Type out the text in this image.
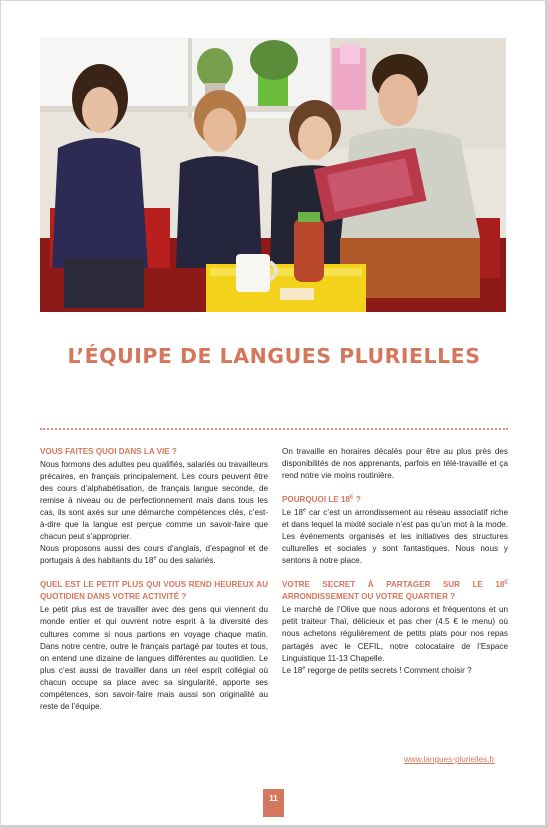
L’ÉQUIPE DE LANGUES PLURIELLES
VOUS FAITES QUOI DANS LA VIE ?
Nous formons des adultes peu qualifiés, salariés ou travailleurs précaires, en français principalement. Les cours peuvent être des cours d’alphabétisation, de français langue seconde, de remise à niveau ou de perfectionnement mais dans tous les cas, ils sont axés sur une démarche compétences clés, c’est-à-dire que la langue est perçue comme un savoir-faire que chacun peut s’approprier.
Nous proposons aussi des cours d’anglais, d’espagnol et de portugais à des habitants du 18e ou des salariés.
QUEL EST LE PETIT PLUS QUI VOUS REND HEUREUX AU QUOTIDIEN DANS VOTRE ACTIVITÉ ?
Le petit plus est de travailler avec des gens qui viennent du monde entier et qui ouvrent notre esprit à la diversité des cultures comme si nous partions en voyage chaque matin. Dans notre centre, outre le français partagé par toutes et tous, on entend une dizaine de langues différentes au quotidien. Le plus c’est aussi de travailler dans un réel esprit collégial où chacun occupe sa place avec sa singularité, apporte ses compétences, son savoir-faire mais aussi son originalité au reste de l’équipe.
On travaille en horaires décalés pour être au plus près des disponibilités de nos apprenants, parfois en télé-travaille et ça rend notre vie moins routinière.
POURQUOI LE $18^E$ ?
Le 18e car c’est un arrondissement au réseau associatif riche et dans lequel la mixité sociale n’est pas qu’un mot à la mode. Les événements organisés et les initiatives des structures culturelles et sociales y sont fantastiques. Nous nous y sentons à notre place.
VOTRE SECRET À PARTAGER SUR LE $18^E$ ARRONDISSEMENT OU VOTRE QUARTIER ?
Le marché de l’Olive que nous adorons et fréquentons et un petit traiteur Thaï, délicieux et pas cher (4.5 € le menu) où nous achetons régulièrement de petits plats pour nos repas partagés avec le CEFIL, notre colocataire de l’Espace Linguistique 11-13 Chapelle.
Le 18e regorge de petits secrets ! Comment choisir ?
www.langues-plurielles.fr
11
